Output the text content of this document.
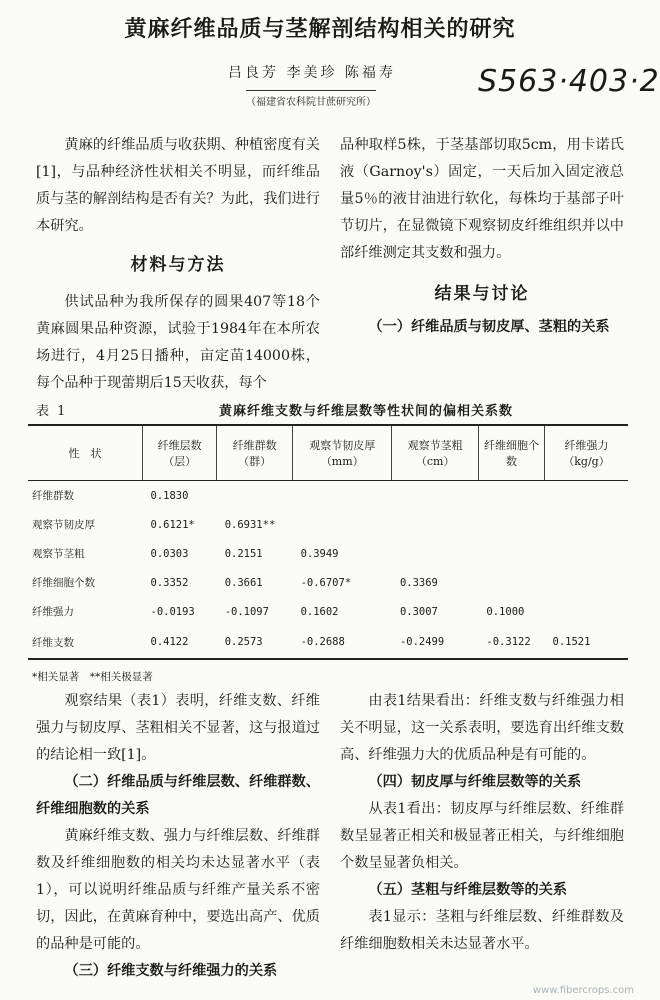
黄麻纤维品质与茎解剖结构相关的研究
吕良芳 李美珍 陈福寿
（福建省农科院甘蔗研究所）
S563·403·2

黄麻的纤维品质与收获期、种植密度有关[1]，与品种经济性状相关不明显，而纤维品质与茎的解剖结构是否有关？为此，我们进行本研究。

材料与方法

供试品种为我所保存的圆果407等18个黄麻圆果品种资源，试验于1984年在本所农场进行，4月25日播种，亩定苗14000株，每个品种于现蕾期后15天收获，每个

品种取样5株，于茎基部切取5cm，用卡诺氏液（Garnoy's）固定，一天后加入固定液总量5％的液甘油进行软化，每株均于基部子叶节切片，在显微镜下观察韧皮纤维组织并以中部纤维测定其支数和强力。

结果与讨论

（一）纤维品质与韧皮厚、茎粗的关系

表 1	黄麻纤维支数与纤维层数等性状间的偏相关系数
性　状	纤维层数（层）	纤维群数（群）	观察节韧皮厚（mm）	观察节茎粗（cm）	纤维细胞个数	纤维强力（kg/g）
纤维群数	0.1830					
观察节韧皮厚	0.6121*	0.6931**				
观察节茎粗	0.0303	0.2151	0.3949			
纤维细胞个数	0.3352	0.3661	-0.6707*	0.3369		
纤维强力	-0.0193	-0.1097	0.1602	0.3007	0.1000	
纤维支数	0.4122	0.2573	-0.2688	-0.2499	-0.3122	0.1521
*相关显著　**相关极显著						

观察结果（表1）表明，纤维支数、纤维强力与韧皮厚、茎粗相关不显著，这与报道过的结论相一致[1]。

（二）纤维品质与纤维层数、纤维群数、纤维细胞数的关系

黄麻纤维支数、强力与纤维层数、纤维群数及纤维细胞数的相关均未达显著水平（表1），可以说明纤维品质与纤维产量关系不密切，因此，在黄麻育种中，要选出高产、优质的品种是可能的。

（三）纤维支数与纤维强力的关系

由表1结果看出：纤维支数与纤维强力相关不明显，这一关系表明，要选育出纤维支数高、纤维强力大的优质品种是有可能的。

（四）韧皮厚与纤维层数等的关系

从表1看出：韧皮厚与纤维层数、纤维群数呈显著正相关和极显著正相关，与纤维细胞个数呈显著负相关。

（五）茎粗与纤维层数等的关系

表1显示：茎粗与纤维层数、纤维群数及纤维细胞数相关未达显著水平。

www.fibercrops.com
